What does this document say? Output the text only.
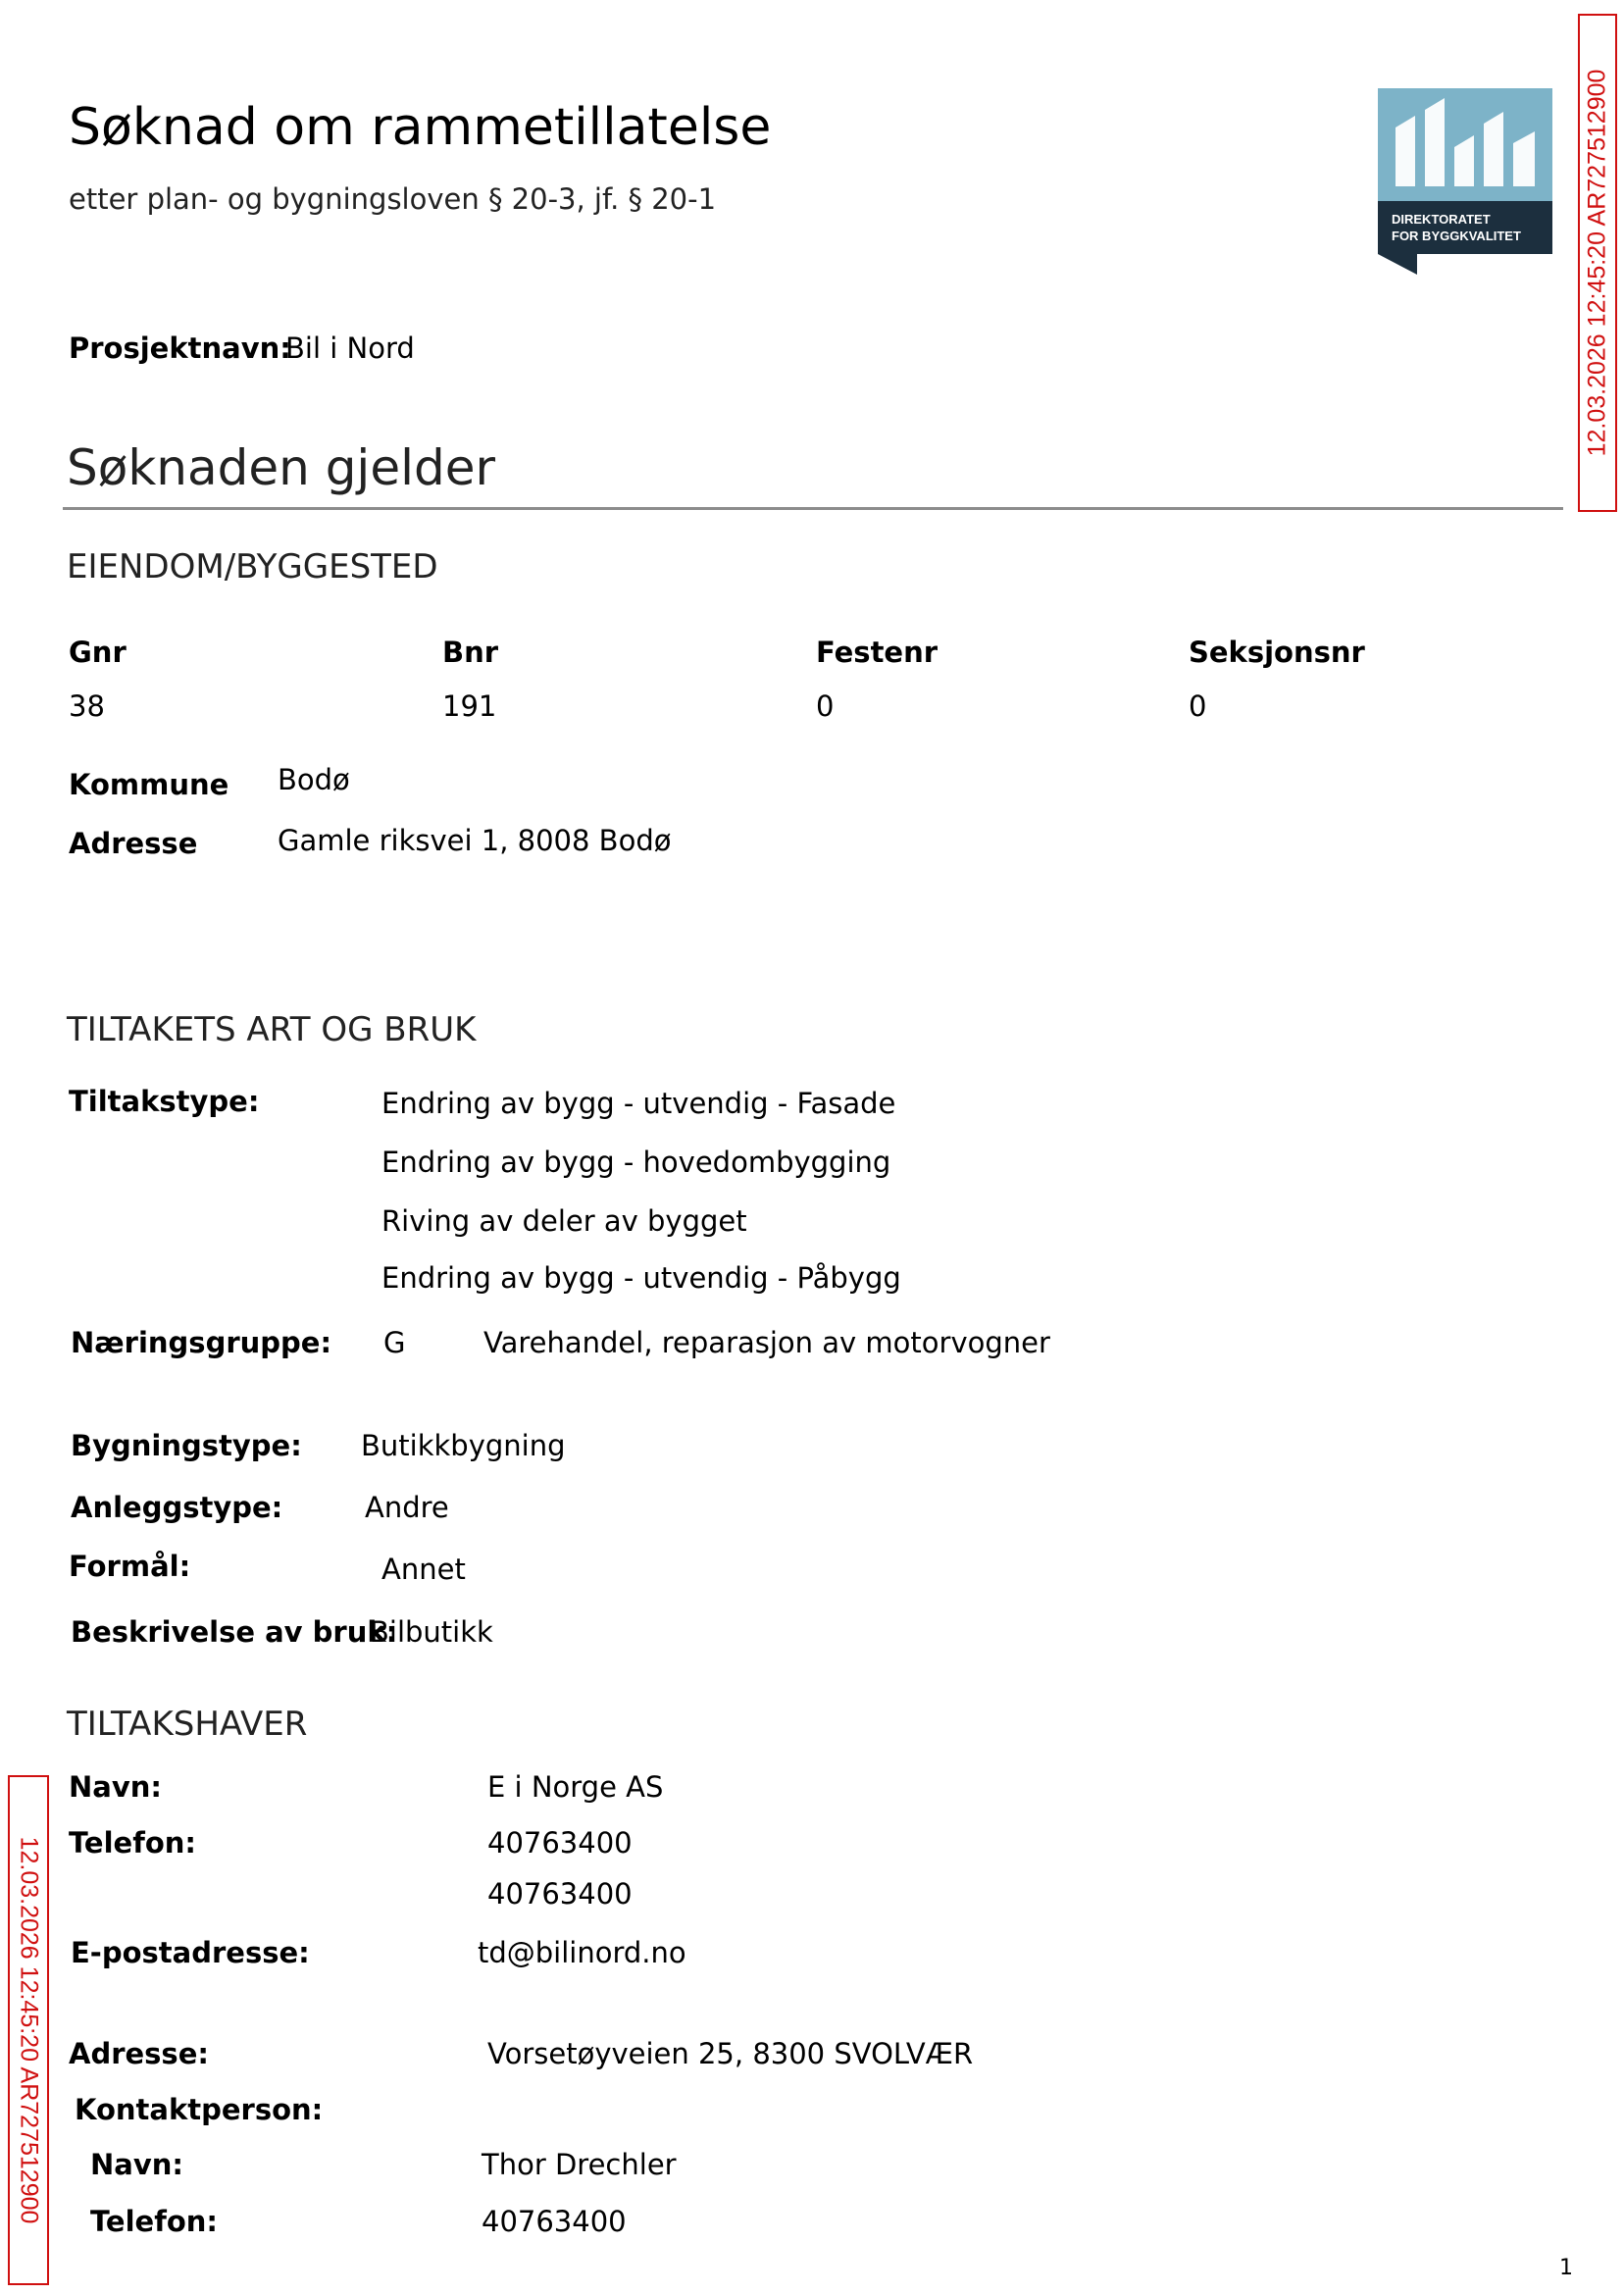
Søknad om rammetillatelse
etter plan- og bygningsloven § 20-3, jf. § 20-1
DIREKTORATET
FOR BYGGKVALITET
Prosjektnavn:
Bil i Nord
Søknaden gjelder
EIENDOM/BYGGESTED
Gnr	Bnr	Festenr	Seksjonsnr
38	191	0	0
Kommune Bodø
Adresse	Gamle riksvei 1, 8008 Bodø
TILTAKETS ART OG BRUK
Tiltakstype:	Endring av bygg - utvendig - Fasade
Endring av bygg - hovedombygging
Riving av deler av bygget
Endring av bygg - utvendig - Påbygg
Næringsgruppe: G	Varehandel, reparasjon av motorvogner
Bygningstype: Butikkbygning
Anleggstype:	Andre
Formål:	Annet
Beskrivelse av bruk:
Bilbutikk
TILTAKSHAVER
Navn:	E i Norge AS
Telefon:	40763400
40763400
E-postadresse:	td@bilinord.no
Adresse:	Vorsetøyveien 25, 8300 SVOLVÆR
Kontaktperson:
Navn:	Thor Drechler
Telefon:	40763400
12.03.2026 12:45:20 AR727512900
12.03.2026 12:45:20 AR727512900
1
